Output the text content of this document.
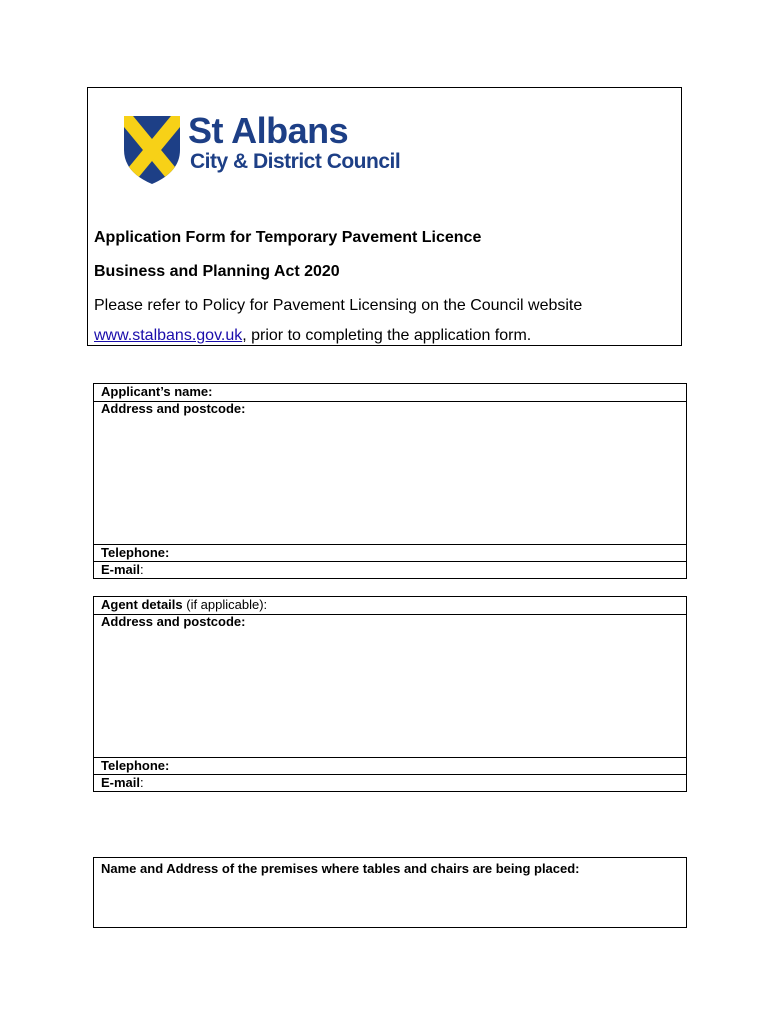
St Albans
City & District Council
Application Form for Temporary Pavement Licence
Business and Planning Act 2020
Please refer to Policy for Pavement Licensing on the Council website
www.stalbans.gov.uk, prior to completing the application form.
Applicant’s name:
Address and postcode:
Telephone:
E-mail:
Agent details (if applicable):
Address and postcode:
Telephone:
E-mail:
Name and Address of the premises where tables and chairs are being placed:
